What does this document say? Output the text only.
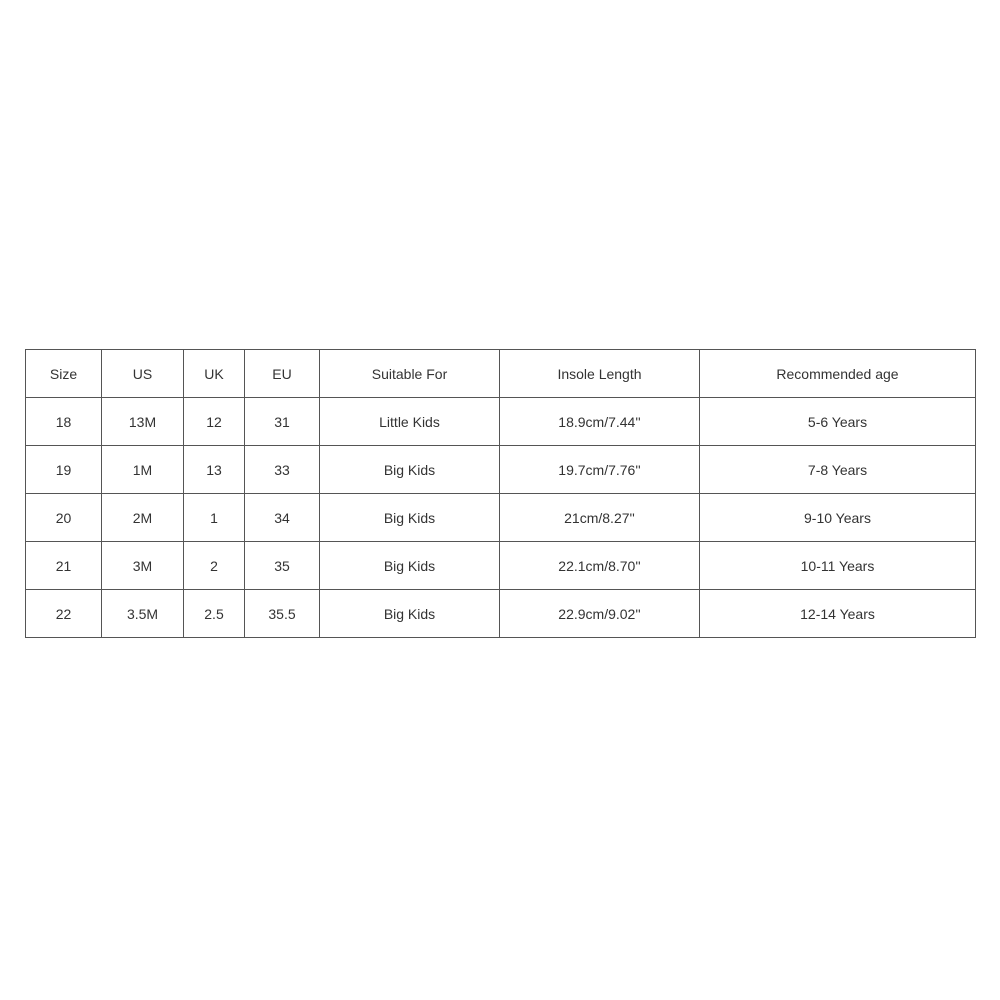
Size	US	UK	EU	Suitable For	Insole Length	Recommended age
18	13M	12	31	Little Kids	18.9cm/7.44''	5-6 Years
19	1M	13	33	Big Kids	19.7cm/7.76''	7-8 Years
20	2M	1	34	Big Kids	21cm/8.27''	9-10 Years
21	3M	2	35	Big Kids	22.1cm/8.70''	10-11 Years
22	3.5M	2.5	35.5	Big Kids	22.9cm/9.02''	12-14 Years
